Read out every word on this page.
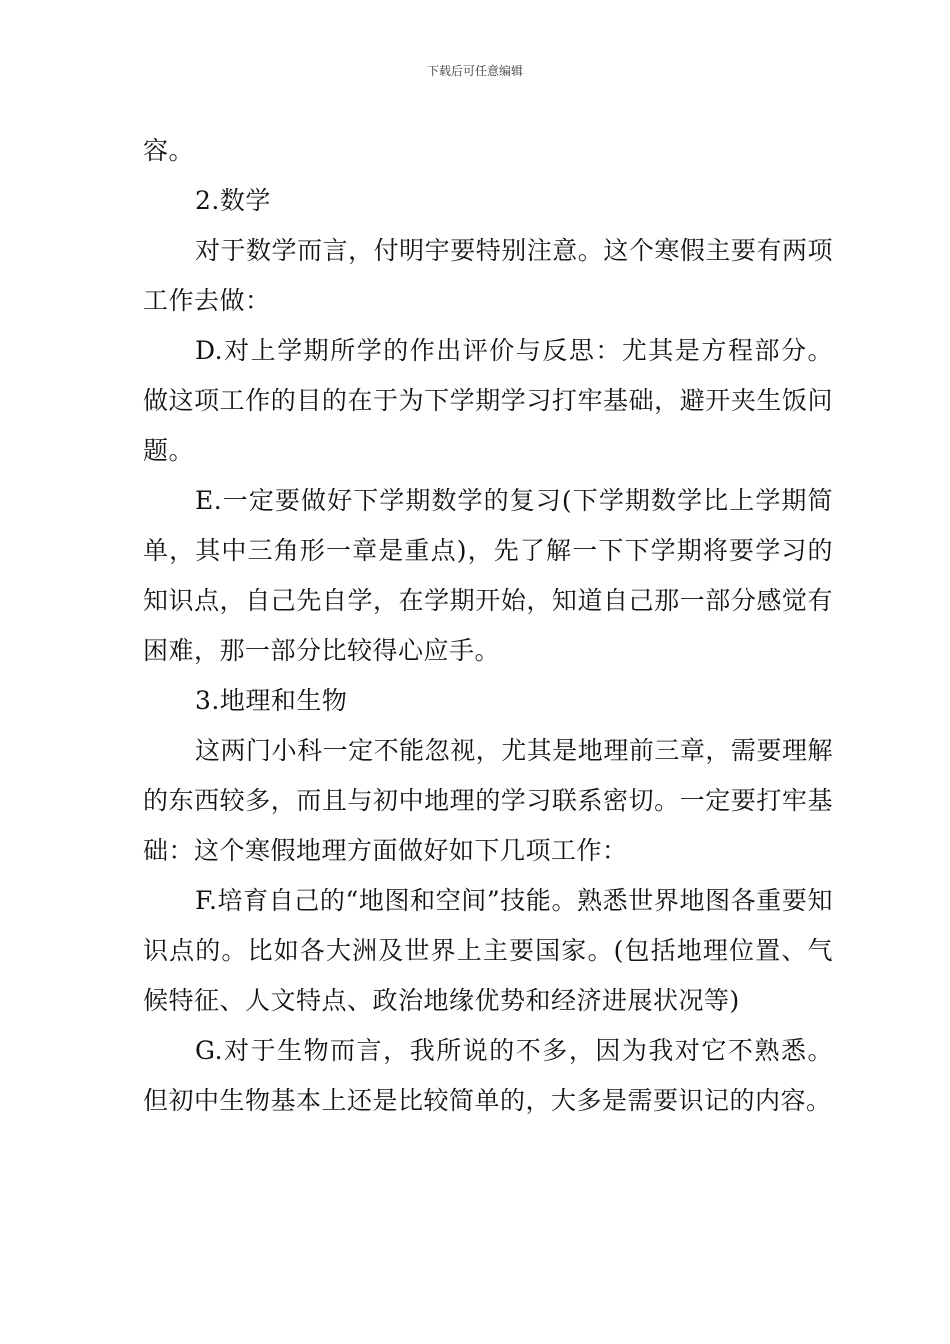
下载后可任意编辑

容。

2.数学

对于数学而言，付明宇要特别注意。这个寒假主要有两项工作去做：

D.对上学期所学的作出评价与反思：尤其是方程部分。做这项工作的目的在于为下学期学习打牢基础，避开夹生饭问题。

E.一定要做好下学期数学的复习(下学期数学比上学期简单，其中三角形一章是重点)，先了解一下下学期将要学习的知识点，自己先自学，在学期开始，知道自己那一部分感觉有困难，那一部分比较得心应手。

3.地理和生物

这两门小科一定不能忽视，尤其是地理前三章，需要理解的东西较多，而且与初中地理的学习联系密切。一定要打牢基础：这个寒假地理方面做好如下几项工作：

F.培育自己的“地图和空间”技能。熟悉世界地图各重要知识点的。比如各大洲及世界上主要国家。(包括地理位置、气候特征、人文特点、政治地缘优势和经济进展状况等)

G.对于生物而言，我所说的不多，因为我对它不熟悉。但初中生物基本上还是比较简单的，大多是需要识记的内容。
